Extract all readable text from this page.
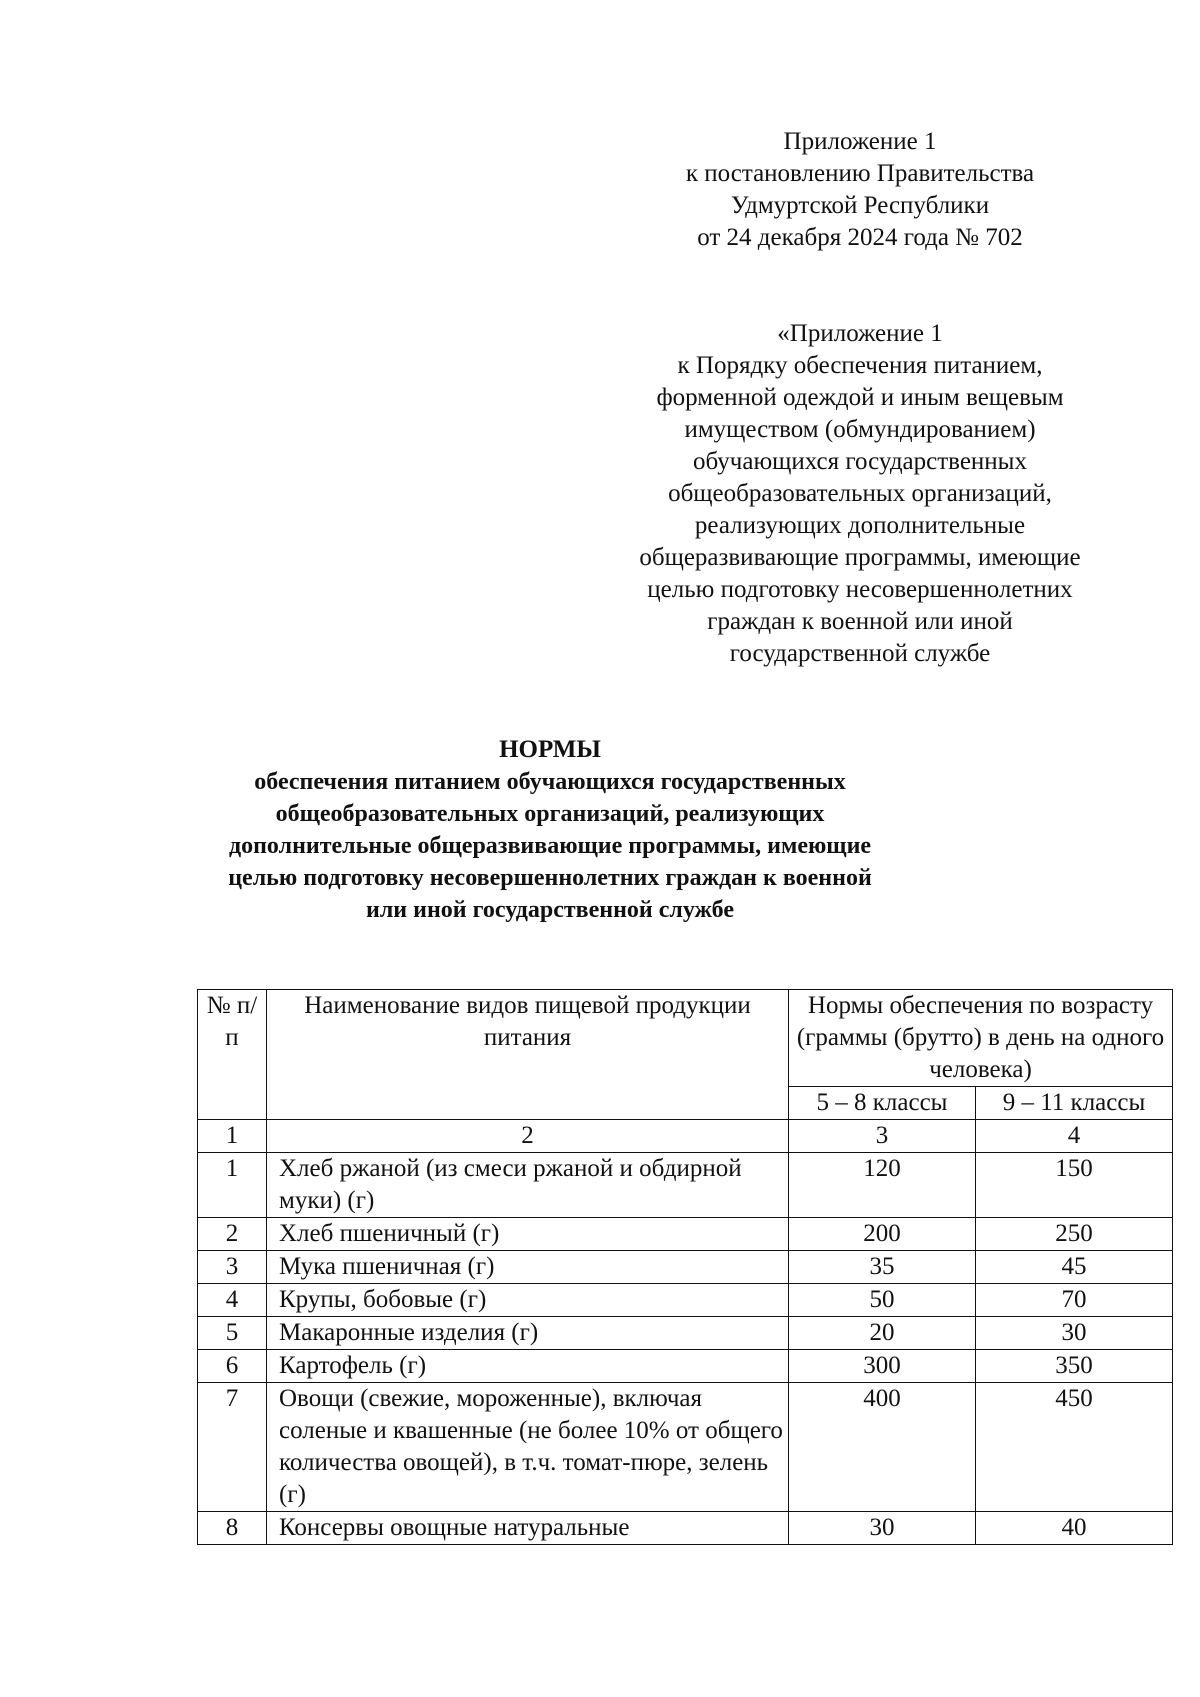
Приложение 1
к постановлению Правительства
Удмуртской Республики
от 24 декабря 2024 года № 702
«Приложение 1
к Порядку обеспечения питанием,
форменной одеждой и иным вещевым
имуществом (обмундированием)
обучающихся государственных
общеобразовательных организаций,
реализующих дополнительные
общеразвивающие программы, имеющие
целью подготовку несовершеннолетних
граждан к военной или иной
государственной службе
НОРМЫ
обеспечения питанием обучающихся государственных
общеобразовательных организаций, реализующих
дополнительные общеразвивающие программы, имеющие
целью подготовку несовершеннолетних граждан к военной
или иной государственной службе
№ п/п	Наименование видов пищевой продукции питания	Нормы обеспечения по возрасту (граммы (брутто) в день на одного человека)	
		5 – 8 классы	9 – 11 классы
1	2	3	4
1	Хлеб ржаной (из смеси ржаной и обдирной муки) (г)	120	150
2	Хлеб пшеничный (г)	200	250
3	Мука пшеничная (г)	35	45
4	Крупы, бобовые (г)	50	70
5	Макаронные изделия (г)	20	30
6	Картофель (г)	300	350
7	Овощи (свежие, мороженные), включая соленые и квашенные (не более 10% от общего количества овощей), в т.ч. томат-пюре, зелень (г)	400	450
8	Консервы овощные натуральные	30	40
